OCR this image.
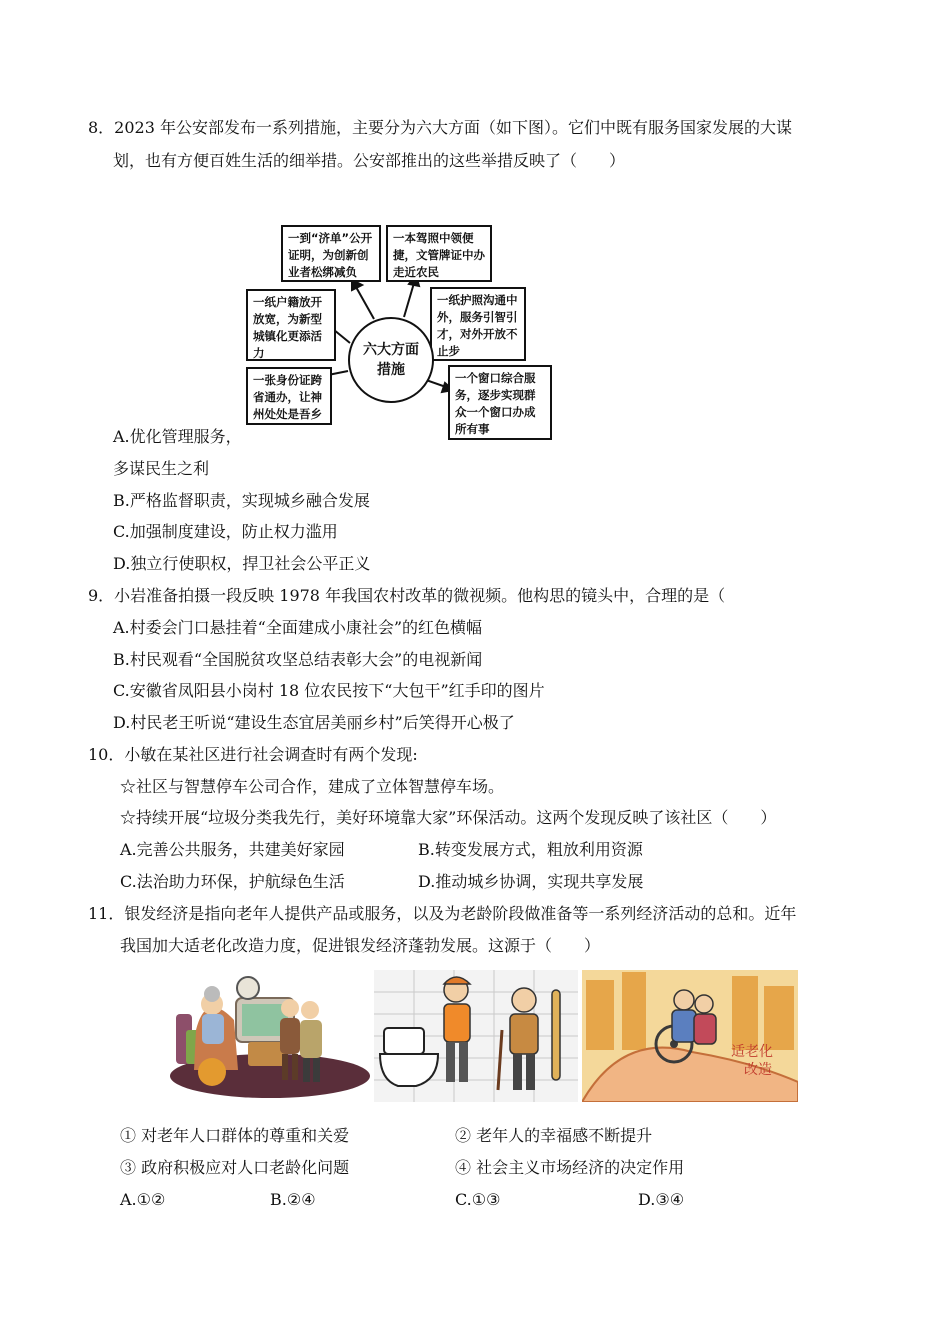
8．2023 年公安部发布一系列措施，主要分为六大方面（如下图）。它们中既有服务国家发展的大谋
划，也有方便百姓生活的细举措。公安部推出的这些举措反映了（　　）
一到“济单”公开证明，为创新创业者松绑减负
一本驾照中领便捷，文管牌证中办走近农民
一纸户籍放开放宽，为新型城镇化更添活力
一纸护照沟通中外，服务引智引才，对外开放不止步
一张身份证跨省通办，让神州处处是吾乡
一个窗口综合服务，逐步实现群众一个窗口办成所有事
六大方面措施
A.优化管理服务，
多谋民生之利
B.严格监督职责，实现城乡融合发展
C.加强制度建设，防止权力滥用
D.独立行使职权，捍卫社会公平正义
9．小岩准备拍摄一段反映 1978 年我国农村改革的微视频。他构思的镜头中，合理的是（
A.村委会门口悬挂着“全面建成小康社会”的红色横幅
B.村民观看“全国脱贫攻坚总结表彰大会”的电视新闻
C.安徽省凤阳县小岗村 18 位农民按下“大包干”红手印的图片
D.村民老王听说“建设生态宜居美丽乡村”后笑得开心极了
10．小敏在某社区进行社会调查时有两个发现:
☆社区与智慧停车公司合作，建成了立体智慧停车场。
☆持续开展“垃圾分类我先行，美好环境靠大家”环保活动。这两个发现反映了该社区（　　）
A.完善公共服务，共建美好家园	B.转变发展方式，粗放利用资源
C.法治助力环保，护航绿色生活	D.推动城乡协调，实现共享发展
11．银发经济是指向老年人提供产品或服务，以及为老龄阶段做准备等一系列经济活动的总和。近年
我国加大适老化改造力度，促进银发经济蓬勃发展。这源于（　　）
适老化
改造
① 对老年人口群体的尊重和关爱	② 老年人的幸福感不断提升
③ 政府积极应对人口老龄化问题	④ 社会主义市场经济的决定作用
A.①②	B.②④	C.①③	D.③④
